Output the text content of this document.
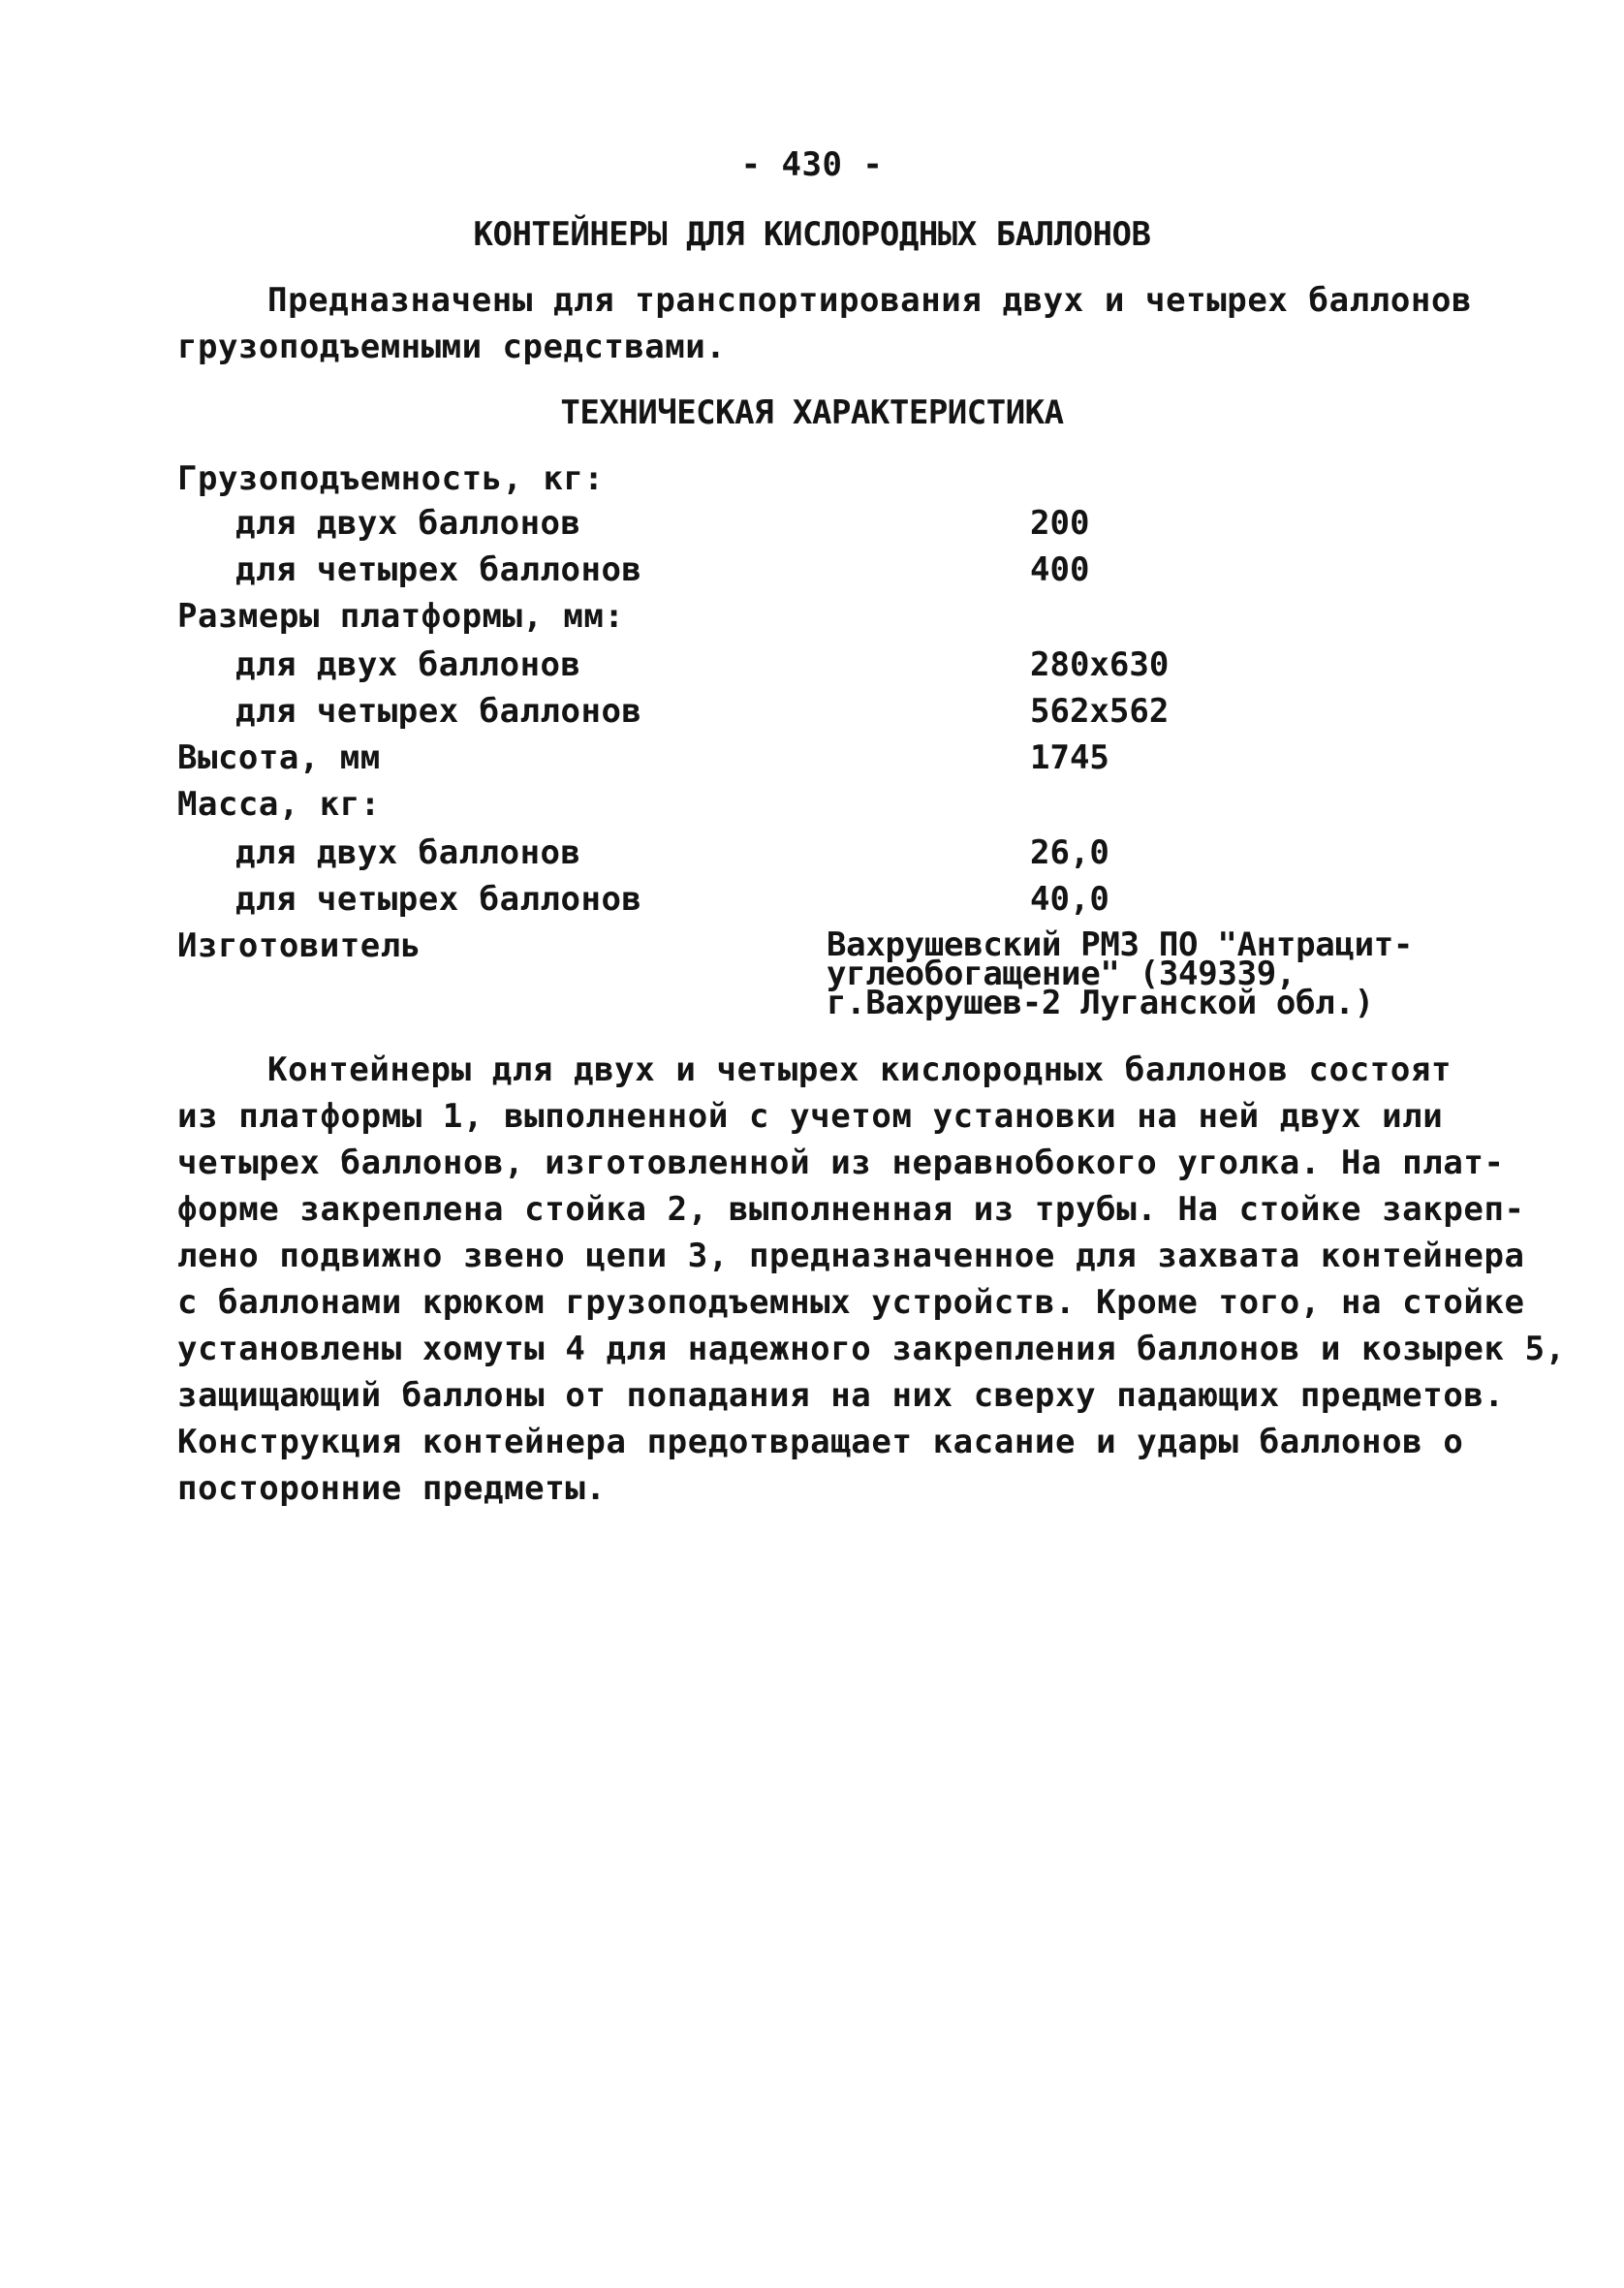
- 430 -
КОНТЕЙНЕРЫ ДЛЯ КИСЛОРОДНЫХ БАЛЛОНОВ
Предназначены для транспортирования двух и четырех баллонов
грузоподъемными средствами.
ТЕХНИЧЕСКАЯ ХАРАКТЕРИСТИКА
Грузоподъемность, кг:
для двух баллонов	200
для четырех баллонов	400
Размеры платформы, мм:
для двух баллонов	280х630
для четырех баллонов	562х562
Высота, мм	1745
Масса, кг:
для двух баллонов	26,0
для четырех баллонов	40,0
Изготовитель	Вахрушевский РМЗ ПО "Антрацит-
углеобогащение" (349339,
г.Вахрушев-2 Луганской обл.)
Контейнеры для двух и четырех кислородных баллонов состоят
из платформы 1, выполненной с учетом установки на ней двух или
четырех баллонов, изготовленной из неравнобокого уголка. На плат-
форме закреплена стойка 2, выполненная из трубы. На стойке закреп-
лено подвижно звено цепи 3, предназначенное для захвата контейнера
с баллонами крюком грузоподъемных устройств. Кроме того, на стойке
установлены хомуты 4 для надежного закрепления баллонов и козырек 5,
защищающий баллоны от попадания на них сверху падающих предметов.
Конструкция контейнера предотвращает касание и удары баллонов о
посторонние предметы.
